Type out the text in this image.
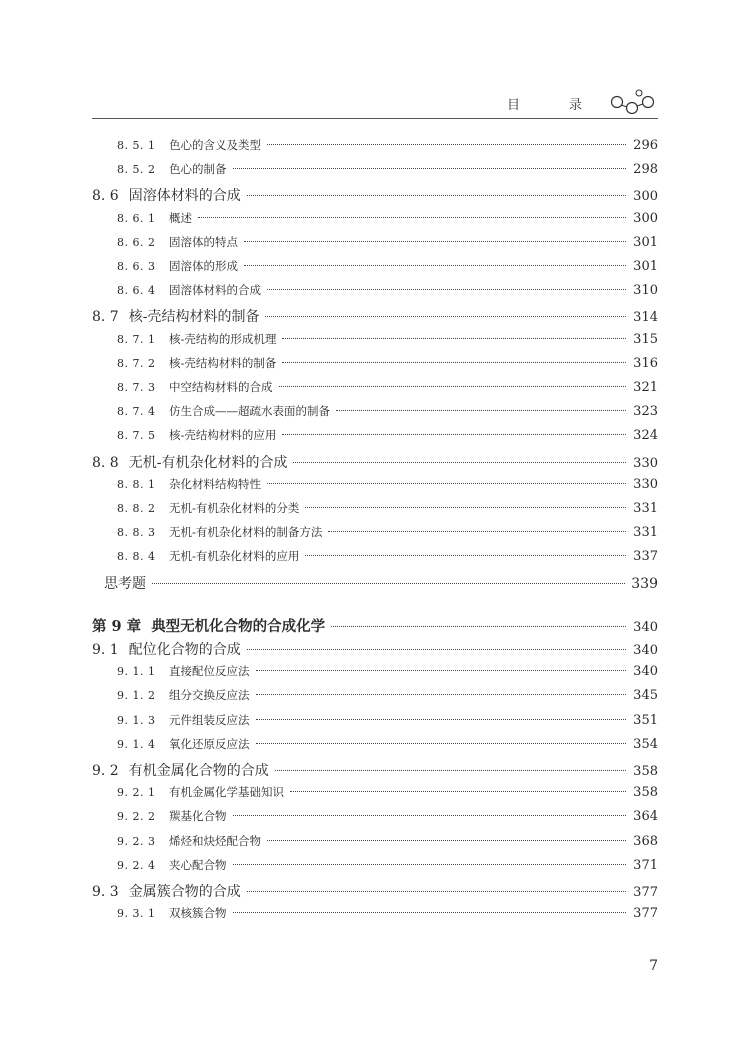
目　录
8. 5. 1	色心的含义及类型	296
8. 5. 2	色心的制备	298
8. 6 固溶体材料的合成	300
8. 6. 1	概述	300
8. 6. 2	固溶体的特点	301
8. 6. 3	固溶体的形成	301
8. 6. 4	固溶体材料的合成	310
8. 7 核-壳结构材料的制备	314
8. 7. 1	核-壳结构的形成机理	315
8. 7. 2	核-壳结构材料的制备	316
8. 7. 3	中空结构材料的合成	321
8. 7. 4	仿生合成——超疏水表面的制备	323
8. 7. 5	核-壳结构材料的应用	324
8. 8 无机-有机杂化材料的合成	330
8. 8. 1	杂化材料结构特性	330
8. 8. 2	无机-有机杂化材料的分类	331
8. 8. 3	无机-有机杂化材料的制备方法	331
8. 8. 4	无机-有机杂化材料的应用	337
思考题	339
第 9 章 典型无机化合物的合成化学	340
9. 1 配位化合物的合成	340
9. 1. 1	直接配位反应法	340
9. 1. 2	组分交换反应法	345
9. 1. 3	元件组装反应法	351
9. 1. 4	氧化还原反应法	354
9. 2 有机金属化合物的合成	358
9. 2. 1	有机金属化学基础知识	358
9. 2. 2	羰基化合物	364
9. 2. 3	烯烃和炔烃配合物	368
9. 2. 4	夹心配合物	371
9. 3 金属簇合物的合成	377
9. 3. 1	双核簇合物	377
7
